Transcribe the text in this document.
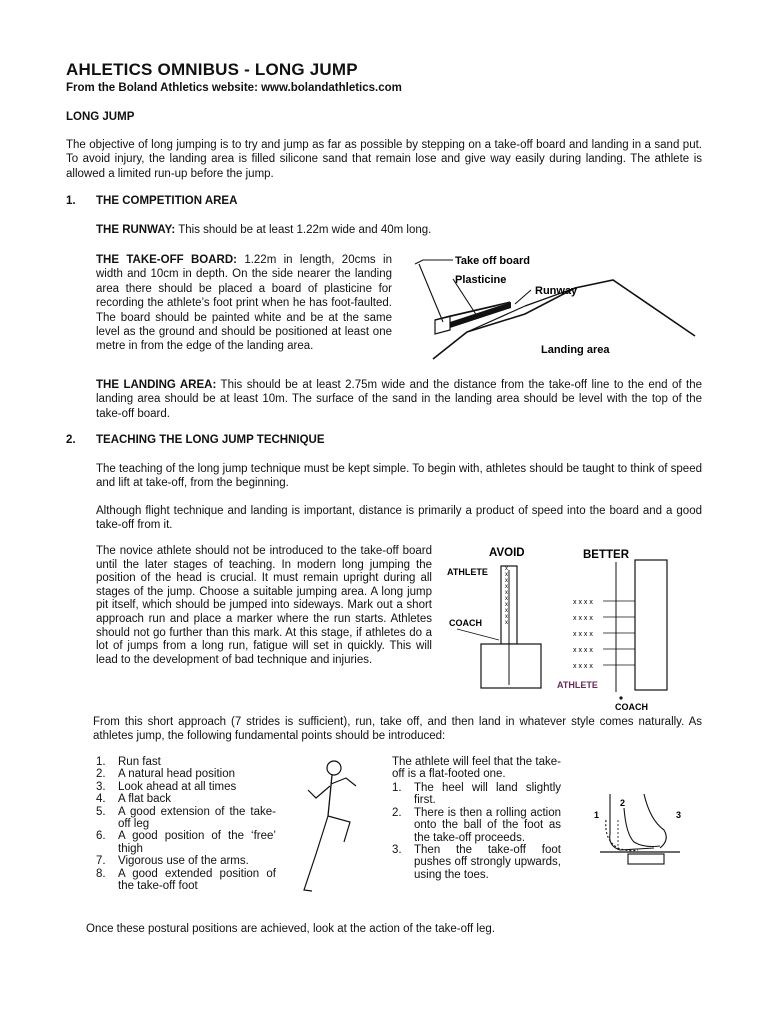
AHLETICS OMNIBUS - LONG JUMP
From the Boland Athletics website: www.bolandathletics.com
LONG JUMP
The objective of long jumping is to try and jump as far as possible by stepping on a take-off board and landing in a sand put. To avoid injury, the landing area is filled silicone sand that remain lose and give way easily during landing. The athlete is allowed a limited run-up before the jump.
1. THE COMPETITION AREA
THE RUNWAY: This should be at least 1.22m wide and 40m long.
THE TAKE-OFF BOARD: 1.22m in length, 20cms in width and 10cm in depth. On the side nearer the landing area there should be placed a board of plasticine for recording the athlete’s foot print when he has foot-faulted. The board should be painted white and be at the same level as the ground and should be positioned at least one metre in from the edge of the landing area.
Take off board
Plasticine
Runway
Landing area
THE LANDING AREA: This should be at least 2.75m wide and the distance from the take-off line to the end of the landing area should be at least 10m. The surface of the sand in the landing area should be level with the top of the take-off board.
2. TEACHING THE LONG JUMP TECHNIQUE
The teaching of the long jump technique must be kept simple. To begin with, athletes should be taught to think of speed and lift at take-off, from the beginning.
Although flight technique and landing is important, distance is primarily a product of speed into the board and a good take-off from it.
The novice athlete should not be introduced to the take-off board until the later stages of teaching. In modern long jumping the position of the head is crucial. It must remain upright during all stages of the jump. Choose a suitable jumping area. A long jump pit itself, which should be jumped into sideways. Mark out a short approach run and place a marker where the run starts. Athletes should not go further than this mark. At this stage, if athletes do a lot of jumps from a long run, fatigue will set in quickly. This will lead to the development of bad technique and injuries.
AVOID	BETTER
x x x x x x x x x x
ATHLETE
COACH
x x x x
x x x x
x x x x
x x x x
x x x x
ATHLETE
COACH
From this short approach (7 strides is sufficient), run, take off, and then land in whatever style comes naturally. As athletes jump, the following fundamental points should be introduced:
1.	Run fast
2.	A natural head position
3.	Look ahead at all times
4.	A flat back
5.	A good extension of the take-off leg
6.	A good position of the ‘free’ thigh
7.	Vigorous use of the arms.
8.	A good extended position of the take-off foot
The athlete will feel that the take-off is a flat-footed one.
1.	The heel will land slightly first.
2.	There is then a rolling action onto the ball of the foot as the take-off proceeds.
3.	Then the take-off foot pushes off strongly upwards, using the toes.
1
2
3
Once these postural positions are achieved, look at the action of the take-off leg.
